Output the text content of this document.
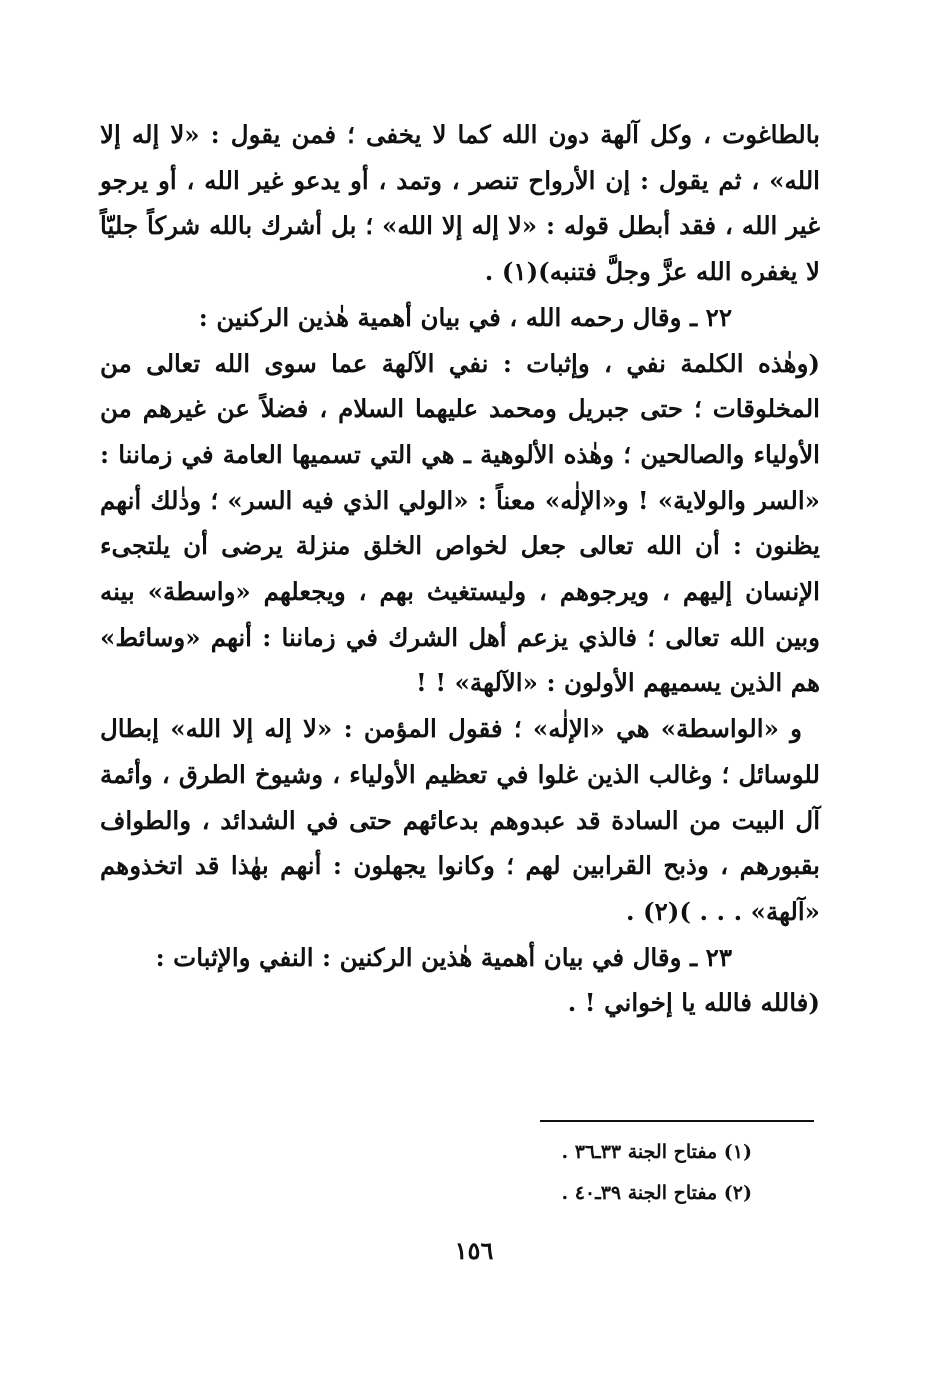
بالطاغوت ، وكل آلهة دون الله كما لا يخفى ؛ فمن يقول : «لا إله إلا الله» ، ثم يقول : إن الأرواح تنصر ، وتمد ، أو يدعو غير الله ، أو يرجو غير الله ، فقد أبطل قوله : «لا إله إلا الله» ؛ بل أشرك بالله شركاً جليّاً لا يغفره الله عزَّ وجلَّ فتنبه)(١) .

٢٢ ـ وقال رحمه الله ، في بيان أهمية هٰذين الركنين :

(وهٰذه الكلمة نفي ، وإثبات : نفي الآلهة عما سوى الله تعالى من المخلوقات ؛ حتى جبريل ومحمد عليهما السلام ، فضلاً عن غيرهم من الأولياء والصالحين ؛ وهٰذه الألوهية ـ هي التي تسميها العامة في زماننا : «السر والولاية» ! و«الإلٰه» معناً : «الولي الذي فيه السر» ؛ وذٰلك أنهم يظنون : أن الله تعالى جعل لخواص الخلق منزلة يرضى أن يلتجىء الإنسان إليهم ، ويرجوهم ، وليستغيث بهم ، ويجعلهم «واسطة» بينه وبين الله تعالى ؛ فالذي يزعم أهل الشرك في زماننا : أنهم «وسائط» هم الذين يسميهم الأولون : «الآلهة» ! !

و «الواسطة» هي «الإلٰه» ؛ فقول المؤمن : «لا إله إلا الله» إبطال للوسائل ؛ وغالب الذين غلوا في تعظيم الأولياء ، وشيوخ الطرق ، وأئمة آل البيت من السادة قد عبدوهم بدعائهم حتى في الشدائد ، والطواف بقبورهم ، وذبح القرابين لهم ؛ وكانوا يجهلون : أنهم بهٰذا قد اتخذوهم «آلهة» . . . )(٢) .

٢٣ ـ وقال في بيان أهمية هٰذين الركنين : النفي والإثبات :

(فالله فالله يا إخواني ! .

(١) مفتاح الجنة ٣٣ـ٣٦ .

(٢) مفتاح الجنة ٣٩ـ٤٠ .

١٥٦
